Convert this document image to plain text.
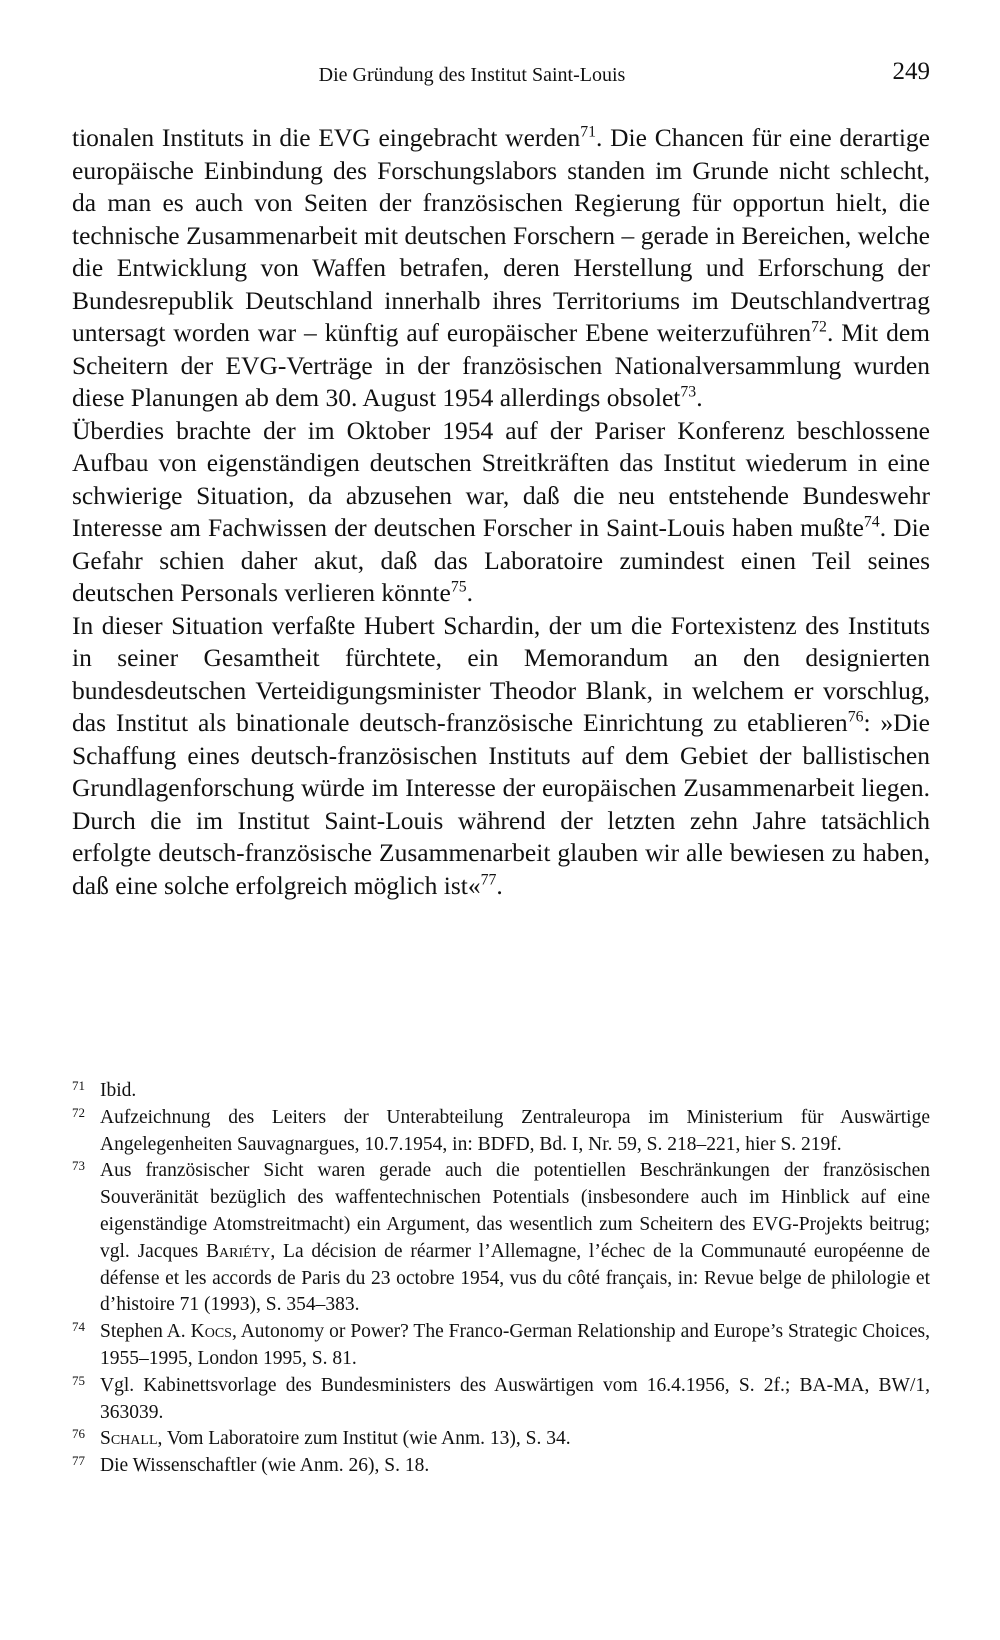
Die Gründung des Institut Saint-Louis	249

tionalen Instituts in die EVG eingebracht werden$^{71}$. Die Chancen für eine derartige europäische Einbindung des Forschungslabors standen im Grunde nicht schlecht, da man es auch von Seiten der französischen Regierung für opportun hielt, die technische Zusammenarbeit mit deutschen Forschern – gerade in Bereichen, welche die Entwicklung von Waffen betrafen, deren Herstellung und Erforschung der Bundesrepublik Deutschland innerhalb ihres Territoriums im Deutschlandvertrag untersagt worden war – künftig auf europäischer Ebene weiterzuführen$^{72}$. Mit dem Scheitern der EVG-Verträge in der französischen Nationalversammlung wurden diese Planungen ab dem 30. August 1954 allerdings obsolet$^{73}$.

Überdies brachte der im Oktober 1954 auf der Pariser Konferenz beschlossene Aufbau von eigenständigen deutschen Streitkräften das Institut wiederum in eine schwierige Situation, da abzusehen war, daß die neu entstehende Bundeswehr Interesse am Fachwissen der deutschen Forscher in Saint-Louis haben mußte$^{74}$. Die Gefahr schien daher akut, daß das Laboratoire zumindest einen Teil seines deutschen Personals verlieren könnte$^{75}$.

In dieser Situation verfaßte Hubert Schardin, der um die Fortexistenz des Instituts in seiner Gesamtheit fürchtete, ein Memorandum an den designierten bundesdeutschen Verteidigungsminister Theodor Blank, in welchem er vorschlug, das Institut als binationale deutsch-französische Einrichtung zu etablieren$^{76}$: »Die Schaffung eines deutsch-französischen Instituts auf dem Gebiet der ballistischen Grundlagenforschung würde im Interesse der europäischen Zusammenarbeit liegen. Durch die im Institut Saint-Louis während der letzten zehn Jahre tatsächlich erfolgte deutsch-französische Zusammenarbeit glauben wir alle bewiesen zu haben, daß eine solche erfolgreich möglich ist«$^{77}$.

71 Ibid.
72 Aufzeichnung des Leiters der Unterabteilung Zentraleuropa im Ministerium für Auswärtige Angelegenheiten Sauvagnargues, 10.7.1954, in: BDFD, Bd. I, Nr. 59, S. 218–221, hier S. 219f.
73 Aus französischer Sicht waren gerade auch die potentiellen Beschränkungen der französischen Souveränität bezüglich des waffentechnischen Potentials (insbesondere auch im Hinblick auf eine eigenständige Atomstreitmacht) ein Argument, das wesentlich zum Scheitern des EVG-Projekts beitrug; vgl. Jacques Bariéty, La décision de réarmer l’Allemagne, l’échec de la Communauté européenne de défense et les accords de Paris du 23 octobre 1954, vus du côté français, in: Revue belge de philologie et d’histoire 71 (1993), S. 354–383.
74 Stephen A. Kocs, Autonomy or Power? The Franco-German Relationship and Europe’s Strategic Choices, 1955–1995, London 1995, S. 81.
75 Vgl. Kabinettsvorlage des Bundesministers des Auswärtigen vom 16.4.1956, S. 2f.; BA-MA, BW/1, 363039.
76 Schall, Vom Laboratoire zum Institut (wie Anm. 13), S. 34.
77 Die Wissenschaftler (wie Anm. 26), S. 18.
